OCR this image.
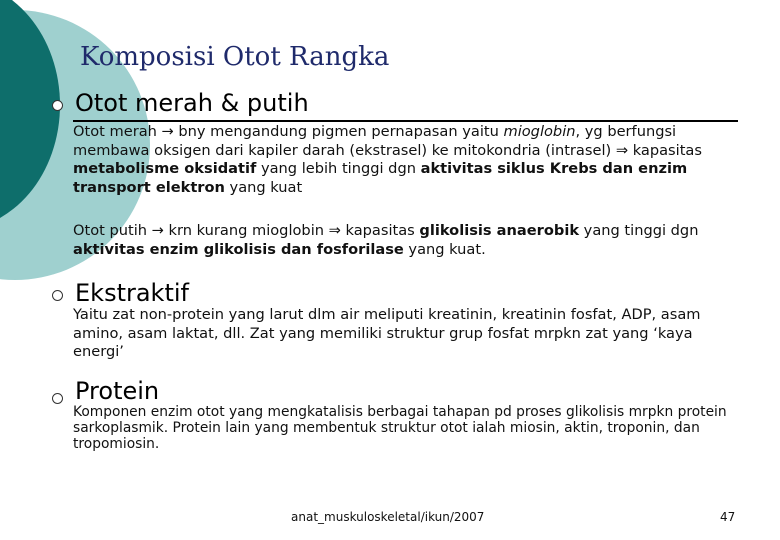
Komposisi Otot Rangka
Otot merah & putih
Otot merah → bny mengandung pigmen pernapasan yaitu mioglobin, yg berfungsi membawa oksigen dari kapiler darah (ekstrasel) ke mitokondria (intrasel) ⇒ kapasitas metabolisme oksidatif yang lebih tinggi dgn aktivitas siklus Krebs dan enzim transport elektron yang kuat
Otot putih → krn kurang mioglobin ⇒ kapasitas glikolisis anaerobik yang tinggi dgn aktivitas enzim glikolisis dan fosforilase yang kuat.
Ekstraktif
Yaitu zat non-protein yang larut dlm air meliputi kreatinin, kreatinin fosfat, ADP, asam amino, asam laktat, dll. Zat yang memiliki struktur grup fosfat mrpkn zat yang ‘kaya energi’
Protein
Komponen enzim otot yang mengkatalisis berbagai tahapan pd proses glikolisis mrpkn protein sarkoplasmik. Protein lain yang membentuk struktur otot ialah miosin, aktin, troponin, dan tropomiosin.
anat_muskuloskeletal/ikun/2007	47
